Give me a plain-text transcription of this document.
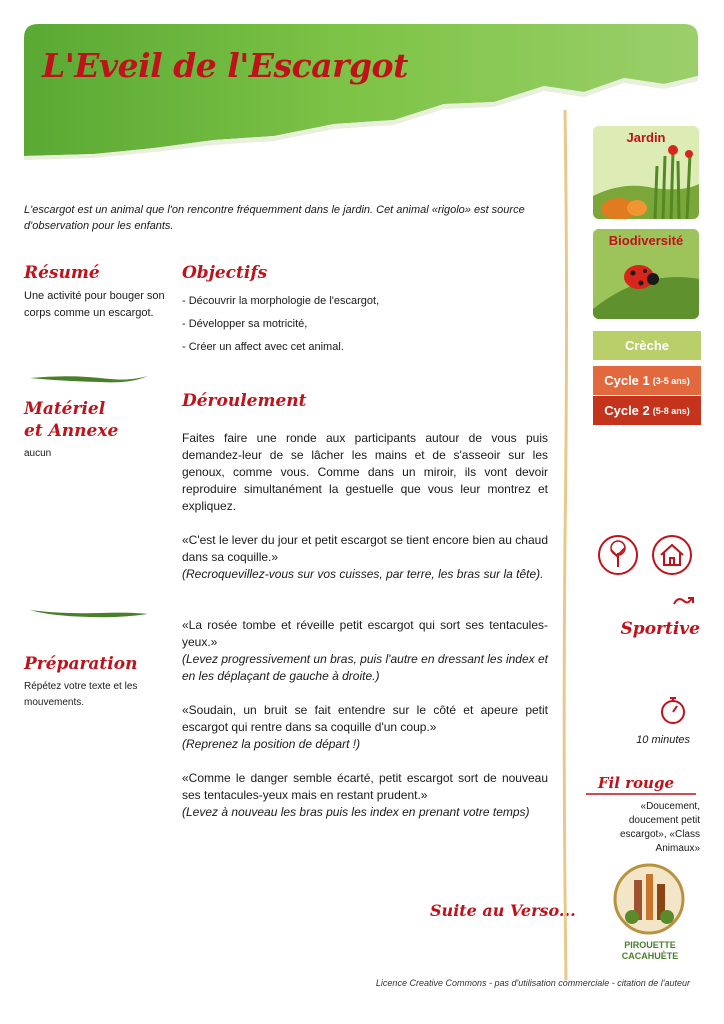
L'Eveil de l'Escargot
L'escargot est un animal que l'on rencontre fréquemment dans le jardin. Cet animal «rigolo» est source d'observation pour les enfants.
Résumé
Une activité pour bouger son corps comme un escargot.
Objectifs
- Découvrir la morphologie de l'escargot,
- Développer sa motricité,
- Créer un affect avec cet animal.
Matériel
et Annexe
aucun
Préparation
Répétez votre texte et les mouvements.
Déroulement
Faites faire une ronde aux participants autour de vous puis demandez-leur de se lâcher les mains et de s'asseoir sur les genoux, comme vous. Comme dans un miroir, ils vont devoir reproduire simultanément la gestuelle que vous leur montrez et expliquez.
«C'est le lever du jour et petit escargot se tient encore bien au chaud dans sa coquille.»
(Recroquevillez-vous sur vos cuisses, par terre, les bras sur la tête).
«La rosée tombe et réveille petit escargot qui sort ses tentacules-yeux.»
(Levez progressivement un bras, puis l'autre en dressant les index et en les déplaçant de gauche à droite.)
«Soudain, un bruit se fait entendre sur le côté et apeure petit escargot qui rentre dans sa coquille d'un coup.»
(Reprenez la position de départ !)
«Comme le danger semble écarté, petit escargot sort de nouveau ses tentacules-yeux mais en restant prudent.»
(Levez à nouveau les bras puis les index en prenant votre temps)
Suite au Verso...
Jardin
Biodiversité
Crèche
Cycle 1 (3-5 ans)
Cycle 2 (5-8 ans)
Sportive
10 minutes
Fil rouge
«Doucement, doucement petit escargot», «Class Animaux»
PIROUETTE
CACAHUÈTE
Licence Creative Commons - pas d'utilisation commerciale - citation de l'auteur
